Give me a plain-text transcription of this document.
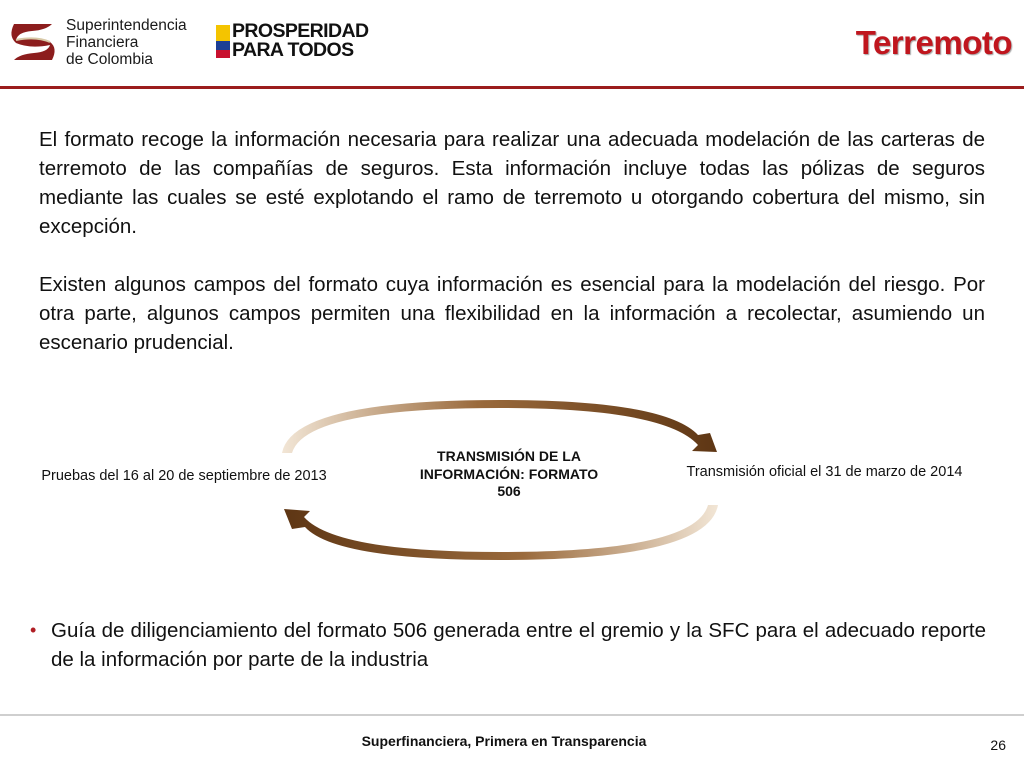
Superintendencia
Financiera
de Colombia
PROSPERIDAD
PARA TODOS	Terremoto

El formato recoge la información necesaria para realizar una adecuada modelación de las carteras de terremoto de las compañías de seguros. Esta información incluye todas las pólizas de seguros mediante las cuales se esté explotando el ramo de terremoto u otorgando cobertura del mismo, sin excepción.

Existen algunos campos del formato cuya información es esencial para la modelación del riesgo. Por otra parte, algunos campos permiten una flexibilidad en la información a recolectar, asumiendo un escenario prudencial.

TRANSMISIÓN DE LA
INFORMACIÓN: FORMATO
506
Pruebas del 16 al 20 de septiembre de 2013	Transmisión oficial el 31 de marzo de 2014
• Guía de diligenciamiento del formato 506 generada entre el gremio y la SFC para el adecuado reporte de la información por parte de la industria
Superfinanciera, Primera en Transparencia	26
